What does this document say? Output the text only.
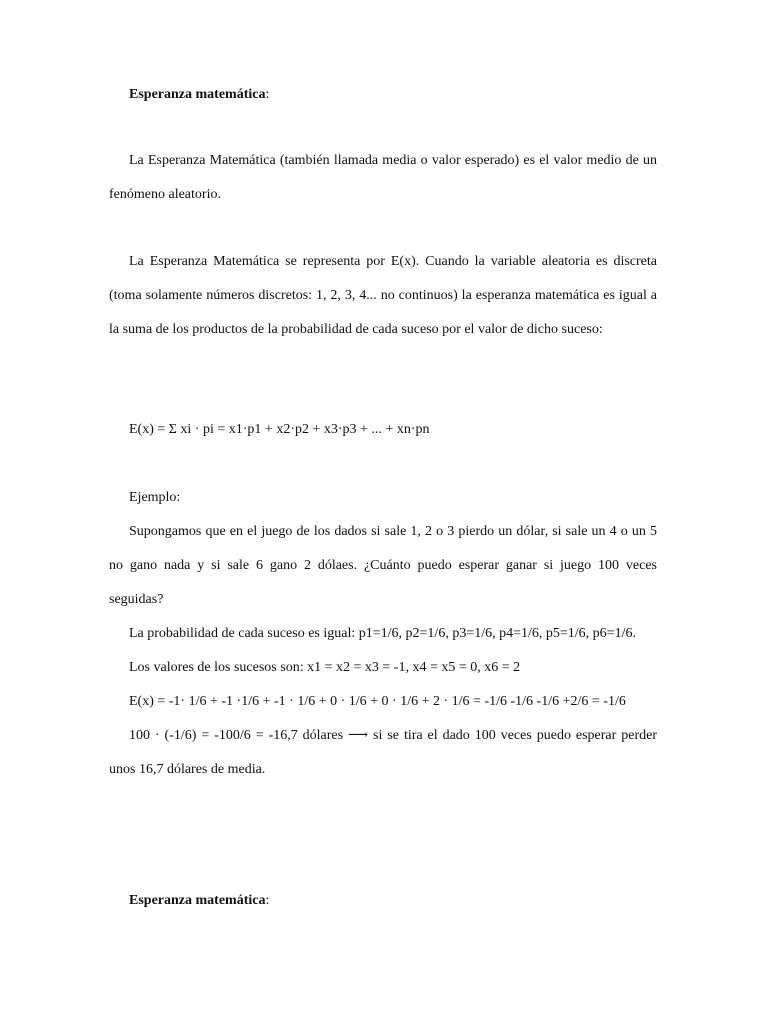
Esperanza matemática:

La Esperanza Matemática (también llamada media o valor esperado) es el valor medio de un fenómeno aleatorio.

La Esperanza Matemática se representa por E(x). Cuando la variable aleatoria es discreta (toma solamente números discretos: 1, 2, 3, 4... no continuos) la esperanza matemática es igual a la suma de los productos de la probabilidad de cada suceso por el valor de dicho suceso:

E(x) = Σ xi · pi = x1·p1 + x2·p2 + x3·p3 + ... + xn·pn

Ejemplo:

Supongamos que en el juego de los dados si sale 1, 2 o 3 pierdo un dólar, si sale un 4 o un 5 no gano nada y si sale 6 gano 2 dólaes. ¿Cuánto puedo esperar ganar si juego 100 veces seguidas?

La probabilidad de cada suceso es igual: p1=1/6, p2=1/6, p3=1/6, p4=1/6, p5=1/6, p6=1/6.

Los valores de los sucesos son: x1 = x2 = x3 = -1, x4 = x5 = 0, x6 = 2

E(x) = -1· 1/6 + -1 ·1/6 + -1 · 1/6 + 0 · 1/6 + 0 · 1/6 + 2 · 1/6 = -1/6 -1/6 -1/6 +2/6 = -1/6

100 · (-1/6) = -100/6 = -16,7 dólares ⟶ si se tira el dado 100 veces puedo esperar perder unos 16,7 dólares de media.

Esperanza matemática:
